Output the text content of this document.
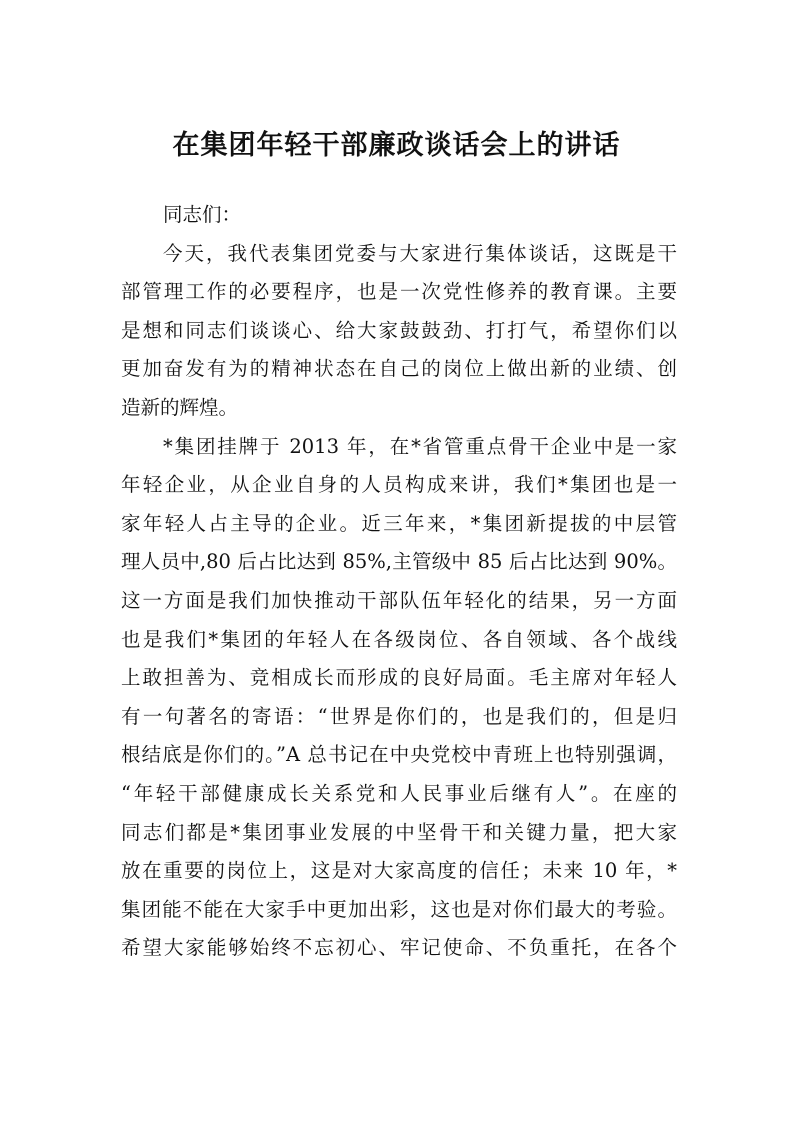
在集团年轻干部廉政谈话会上的讲话
同志们：
今天，我代表集团党委与大家进行集体谈话，这既是干
部管理工作的必要程序，也是一次党性修养的教育课。主要
是想和同志们谈谈心、给大家鼓鼓劲、打打气，希望你们以
更加奋发有为的精神状态在自己的岗位上做出新的业绩、创
造新的辉煌。
*集团挂牌于 2013 年，在*省管重点骨干企业中是一家
年轻企业，从企业自身的人员构成来讲，我们*集团也是一
家年轻人占主导的企业。近三年来，*集团新提拔的中层管
理人员中,80 后占比达到 85%,主管级中 85 后占比达到 90%。
这一方面是我们加快推动干部队伍年轻化的结果，另一方面
也是我们*集团的年轻人在各级岗位、各自领域、各个战线
上敢担善为、竞相成长而形成的良好局面。毛主席对年轻人
有一句著名的寄语：“世界是你们的，也是我们的，但是归
根结底是你们的。”A 总书记在中央党校中青班上也特别强调，
“年轻干部健康成长关系党和人民事业后继有人”。在座的
同志们都是*集团事业发展的中坚骨干和关键力量，把大家
放在重要的岗位上，这是对大家高度的信任；未来 10 年，*
集团能不能在大家手中更加出彩，这也是对你们最大的考验。
希望大家能够始终不忘初心、牢记使命、不负重托，在各个
